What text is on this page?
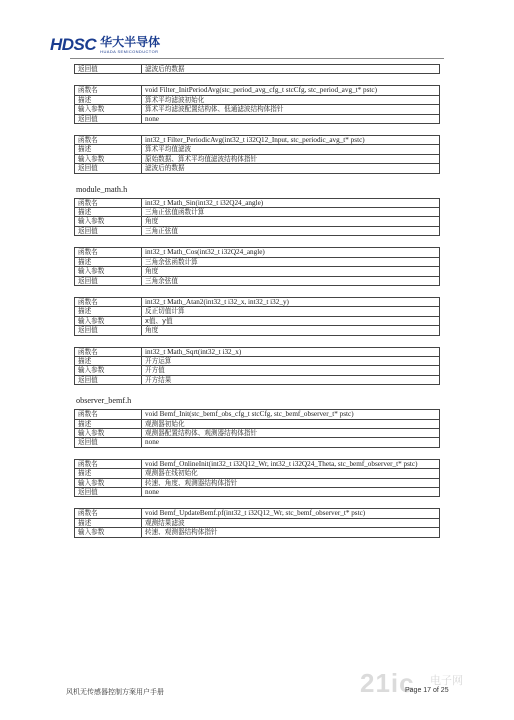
HDSC 华大半导体
HUADA SEMICONDUCTOR
返回值	滤波后的数据
函数名	void Filter_InitPeriodAvg(stc_period_avg_cfg_t stcCfg, stc_period_avg_t* pstc)
描述	算术平均滤波初始化
输入参数	算术平均滤波配置结构体、低通滤波结构体指针
返回值	none
函数名	int32_t Filter_PeriodicAvg(int32_t i32Q12_Input, stc_periodic_avg_t* pstc)
描述	算术平均值滤波
输入参数	原始数据、算术平均值滤波结构体指针
返回值	滤波后的数据
module_math.h
函数名	int32_t Math_Sin(int32_t i32Q24_angle)
描述	三角正弦值函数计算
输入参数	角度
返回值	三角正弦值
函数名	int32_t Math_Cos(int32_t i32Q24_angle)
描述	三角余弦函数计算
输入参数	角度
返回值	三角余弦值
函数名	int32_t Math_Atan2(int32_t i32_x, int32_t i32_y)
描述	反正切值计算
输入参数	x值、y值
返回值	角度
函数名	int32_t Math_Sqrt(int32_t i32_x)
描述	开方运算
输入参数	开方值
返回值	开方结果
observer_bemf.h
函数名	void Bemf_Init(stc_bemf_obs_cfg_t stcCfg, stc_bemf_observer_t* pstc)
描述	观测器初始化
输入参数	观测器配置结构体、观测器结构体指针
返回值	none
函数名	void Bemf_OnlineInit(int32_t i32Q12_Wr, int32_t i32Q24_Theta, stc_bemf_observer_t* pstc)
描述	观测器在线初始化
输入参数	转速、角度、观测器结构体指针
返回值	none
函数名	void Bemf_UpdateBemf.pf(int32_t i32Q12_Wr, stc_bemf_observer_t* pstc)
描述	观测结果滤波
输入参数	转速、观测器结构体指针
21ic 电子网
风机无传感器控制方案用户手册	Page 17 of 25
